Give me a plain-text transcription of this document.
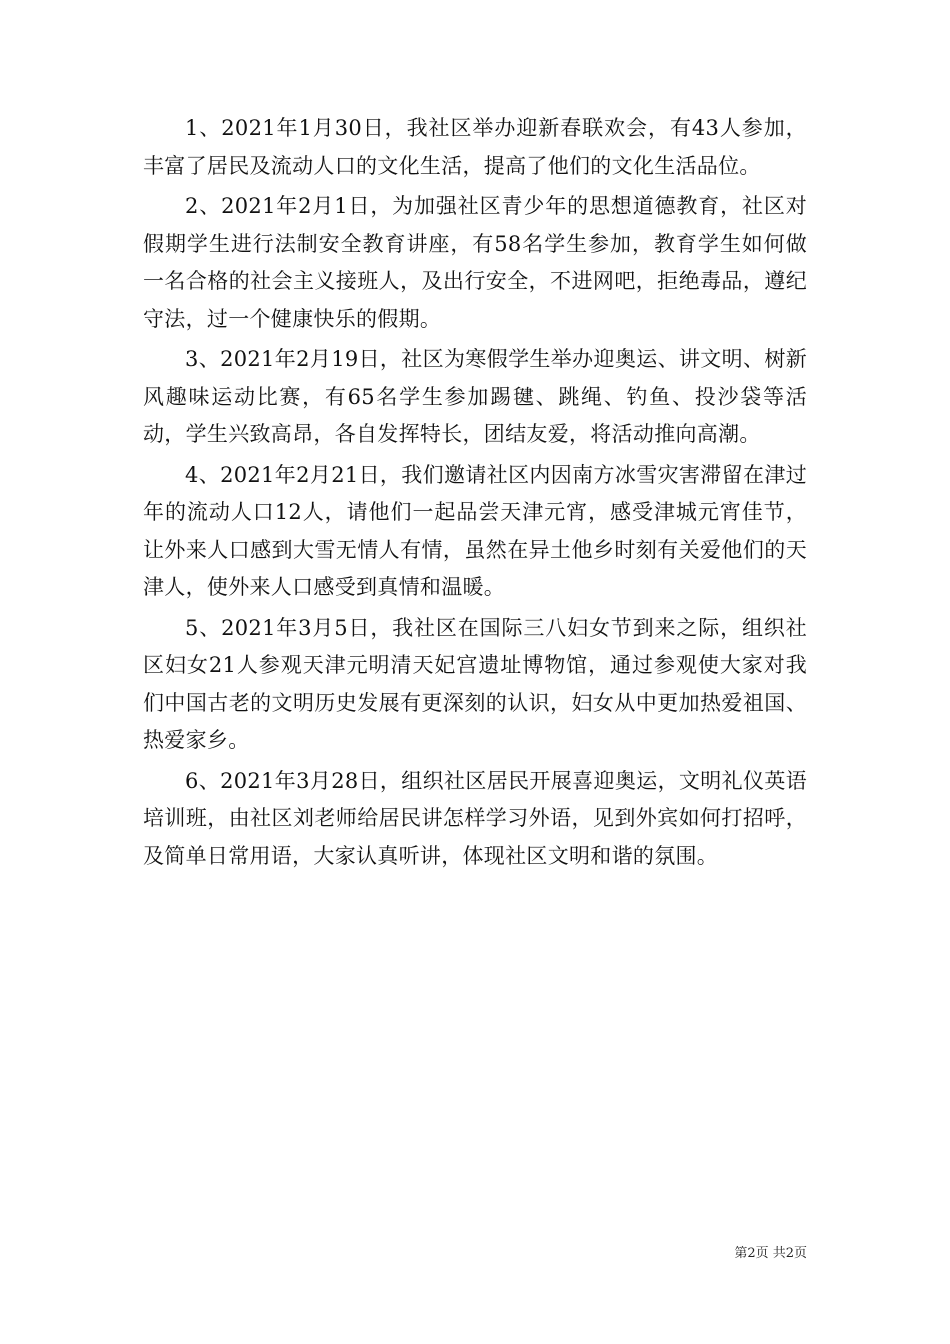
1、2021年1月30日，我社区举办迎新春联欢会，有43人参加，丰富了居民及流动人口的文化生活，提高了他们的文化生活品位。

2、2021年2月1日，为加强社区青少年的思想道德教育，社区对假期学生进行法制安全教育讲座，有58名学生参加，教育学生如何做一名合格的社会主义接班人，及出行安全，不进网吧，拒绝毒品，遵纪守法，过一个健康快乐的假期。

3、2021年2月19日，社区为寒假学生举办迎奥运、讲文明、树新风趣味运动比赛，有65名学生参加踢毽、跳绳、钓鱼、投沙袋等活动，学生兴致高昂，各自发挥特长，团结友爱，将活动推向高潮。

4、2021年2月21日，我们邀请社区内因南方冰雪灾害滞留在津过年的流动人口12人，请他们一起品尝天津元宵，感受津城元宵佳节，让外来人口感到大雪无情人有情，虽然在异土他乡时刻有关爱他们的天津人，使外来人口感受到真情和温暖。

5、2021年3月5日，我社区在国际三八妇女节到来之际，组织社区妇女21人参观天津元明清天妃宫遗址博物馆，通过参观使大家对我们中国古老的文明历史发展有更深刻的认识，妇女从中更加热爱祖国、热爱家乡。

6、2021年3月28日，组织社区居民开展喜迎奥运，文明礼仪英语培训班，由社区刘老师给居民讲怎样学习外语，见到外宾如何打招呼，及简单日常用语，大家认真听讲，体现社区文明和谐的氛围。

第2页 共2页
